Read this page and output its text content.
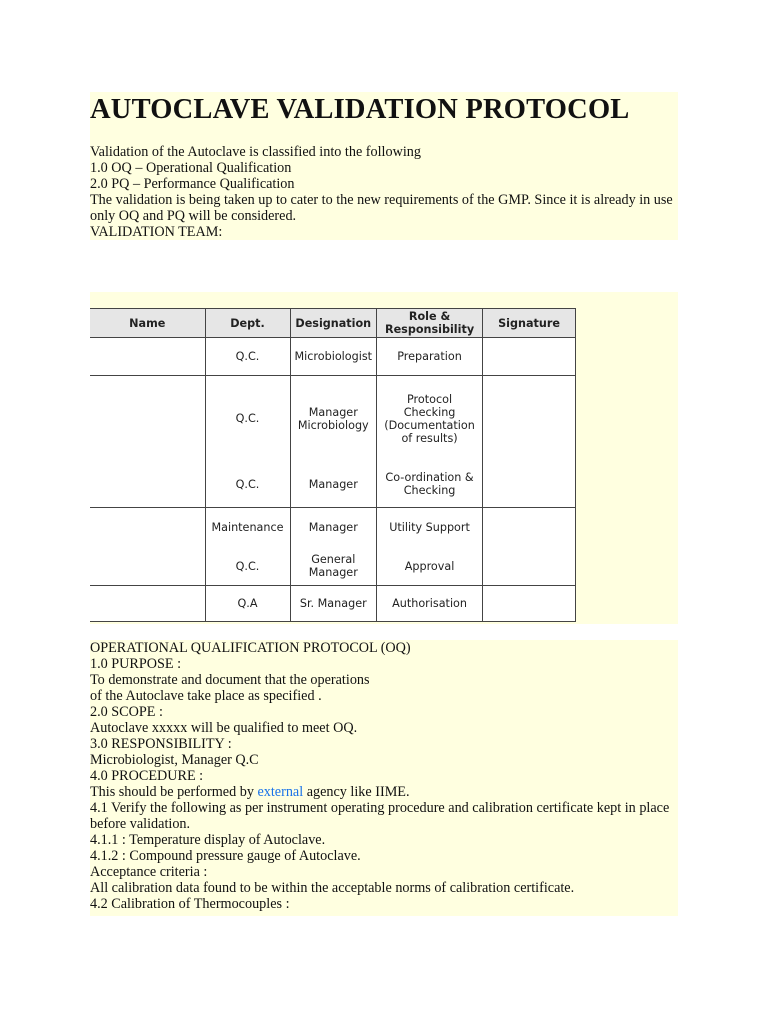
AUTOCLAVE VALIDATION PROTOCOL
Validation of the Autoclave is classified into the following
1.0 OQ – Operational Qualification
2.0 PQ – Performance Qualification
The validation is being taken up to cater to the new requirements of the GMP. Since it is already in use only OQ and PQ will be considered.
VALIDATION TEAM:
Name	Dept.	Designation	Role & Responsibility	Signature
	Q.C.	Microbiologist	Preparation	
	Q.C.	Manager Microbiology	Protocol Checking (Documentation of results)	
	Q.C.	Manager	Co-ordination & Checking	
	Maintenance	Manager	Utility Support	
	Q.C.	General Manager	Approval	
	Q.A	Sr. Manager	Authorisation	
OPERATIONAL QUALIFICATION PROTOCOL (OQ)
1.0 PURPOSE :
To demonstrate and document that the operations
of the Autoclave take place as specified .
2.0 SCOPE :
Autoclave xxxxx will be qualified to meet OQ.
3.0 RESPONSIBILITY :
Microbiologist, Manager Q.C
4.0 PROCEDURE :
This should be performed by external agency like IIME.
4.1 Verify the following as per instrument operating procedure and calibration certificate kept in place before validation.
4.1.1 : Temperature display of Autoclave.
4.1.2 : Compound pressure gauge of Autoclave.
Acceptance criteria :
All calibration data found to be within the acceptable norms of calibration certificate.
4.2 Calibration of Thermocouples :
